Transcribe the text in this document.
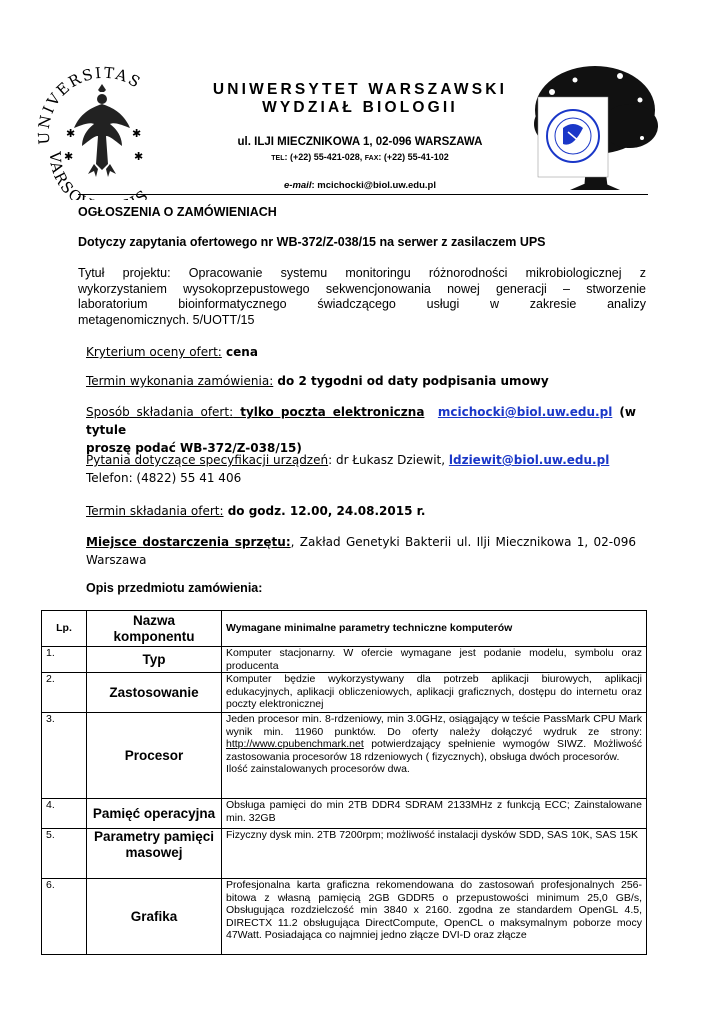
UNIVERSITAS
VARSO S
✱
✱
✱
✱
UNIWERSYTET WARSZAWSKI
WYDZIAŁ BIOLOGII
ul. ILJI MIECZNIKOWA 1, 02-096 WARSZAWA
TEL: (+22) 55-421-028, FAX: (+22) 55-41-102
e-mail: mcichocki@biol.uw.edu.pl
OGŁOSZENIA O ZAMÓWIENIACH
Dotyczy zapytania ofertowego nr WB-372/Z-038/15 na serwer z zasilaczem UPS
Tytuł projektu: Opracowanie systemu monitoringu różnorodności mikrobiologicznej z
wykorzystaniem wysokoprzepustowego sekwencjonowania nowej generacji – stworzenie
laboratorium bioinformatycznego świadczącego usługi w zakresie analizy
metagenomicznych. 5/UOTT/15
Kryterium oceny ofert: cena
Termin wykonania zamówienia: do 2 tygodni od daty podpisania umowy
Sposób składania ofert: tylko poczta elektroniczna mcichocki@biol.uw.edu.pl (w tytule
proszę podać WB-372/Z-038/15)
Pytania dotyczące specyfikacji urządzeń: dr Łukasz Dziewit, ldziewit@biol.uw.edu.pl
Telefon: (4822) 55 41 406
Termin składania ofert: do godz. 12.00, 24.08.2015 r.
Miejsce dostarczenia sprzętu:, Zakład Genetyki Bakterii ul. Ilji Miecznikowa 1, 02-096
Warszawa
Opis przedmiotu zamówienia:
Lp.	Nazwa komponentu	Wymagane minimalne parametry techniczne komputerów
1.	Typ	Komputer stacjonarny. W ofercie wymagane jest podanie modelu, symbolu oraz producenta
2.	Zastosowanie	Komputer będzie wykorzystywany dla potrzeb aplikacji biurowych, aplikacji edukacyjnych, aplikacji obliczeniowych, aplikacji graficznych, dostępu do internetu oraz poczty elektronicznej
3.	Procesor	Jeden procesor min. 8-rdzeniowy, min 3.0GHz, osiągający w teście PassMark CPU Mark wynik min. 11960 punktów. Do oferty należy dołączyć wydruk ze strony: http://www.cpubenchmark.net potwierdzający spełnienie wymogów SIWZ. Możliwość zastosowania procesorów 18 rdzeniowych ( fizycznych), obsługa dwóch procesorów.
Ilość zainstalowanych procesorów dwa.
4.	Pamięć operacyjna	Obsługa pamięci do min 2TB DDR4 SDRAM 2133MHz z funkcją ECC; Zainstalowane min. 32GB
5.	Parametry pamięci masowej	Fizyczny dysk min. 2TB 7200rpm; możliwość instalacji dysków SDD, SAS 10K, SAS 15K
6.	Grafika	Profesjonalna karta graficzna rekomendowana do zastosowań profesjonalnych 256-bitowa z własną pamięcią 2GB GDDR5 o przepustowości minimum 25,0 GB/s, Obsługująca rozdzielczość min 3840 x 2160. zgodna ze standardem OpenGL 4.5, DIRECTX 11.2 obsługująca DirectCompute, OpenCL o maksymalnym poborze mocy 47Watt. Posiadająca co najmniej jedno złącze DVI-D oraz złącze
